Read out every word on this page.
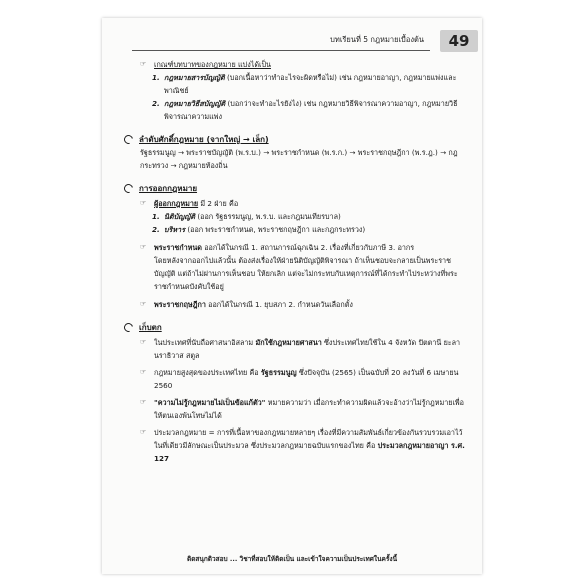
บทเรียนที่ 5 กฎหมายเบื้องต้น	49
☞	เกณฑ์บทบาทของกฎหมาย แบ่งได้เป็น
1. กฎหมายสารบัญญัติ (บอกเนื้อหาว่าทำอะไรจะผิดหรือไม่) เช่น กฎหมายอาญา, กฎหมายแพ่งและพาณิชย์
2. กฎหมายวิธีสบัญญัติ (บอกว่าจะทำอะไรยังไง) เช่น กฎหมายวิธีพิจารณาความอาญา, กฎหมายวิธีพิจารณาความแพ่ง
ลำดับศักดิ์กฎหมาย (จากใหญ่ → เล็ก)
รัฐธรรมนูญ → พระราชบัญญัติ (พ.ร.บ.) → พระราชกำหนด (พ.ร.ก.) → พระราชกฤษฎีกา (พ.ร.ฎ.) → กฎกระทรวง → กฎหมายท้องถิ่น
การออกกฎหมาย
☞	ผู้ออกกฎหมาย มี 2 ฝ่าย คือ
1. นิติบัญญัติ (ออก รัฐธรรมนูญ, พ.ร.บ. และกฎมนเทียรบาล)
2. บริหาร (ออก พระราชกำหนด, พระราชกฤษฎีกา และกฎกระทรวง)
☞	พระราชกำหนด ออกได้ในกรณี 1. สถานการณ์ฉุกเฉิน 2. เรื่องที่เกี่ยวกับภาษี 3. อากร
โดยหลังจากออกไปแล้วนั้น ต้องส่งเรื่องให้ฝ่ายนิติบัญญัติพิจารณา ถ้าเห็นชอบจะกลายเป็นพระราชบัญญัติ แต่ถ้าไม่ผ่านการเห็นชอบ ให้ยกเลิก แต่จะไม่กระทบกับเหตุการณ์ที่ได้กระทำไประหว่างที่พระราชกำหนดบังคับใช้อยู่
☞	พระราชกฤษฎีกา ออกได้ในกรณี 1. ยุบสภา 2. กำหนดวันเลือกตั้ง
เก็บตก
☞	ในประเทศที่นับถือศาสนาอิสลาม มักใช้กฎหมายศาสนา ซึ่งประเทศไทยใช้ใน 4 จังหวัด ปัตตานี ยะลา นราธิวาส สตูล
☞	กฎหมายสูงสุดของประเทศไทย คือ รัฐธรรมนูญ ซึ่งปัจจุบัน (2565) เป็นฉบับที่ 20 ลงวันที่ 6 เมษายน 2560
☞	"ความไม่รู้กฎหมายไม่เป็นข้อแก้ตัว" หมายความว่า เมื่อกระทำความผิดแล้วจะอ้างว่าไม่รู้กฎหมายเพื่อให้ตนเองพ้นโทษไม่ได้
☞	ประมวลกฎหมาย = การที่เนื้อหาของกฎหมายหลายๆ เรื่องที่มีความสัมพันธ์เกี่ยวข้องกันรวบรวมเอาไว้ในที่เดียวมีลักษณะเป็นประมวล ซึ่งประมวลกฎหมายฉบับแรกของไทย คือ ประมวลกฎหมายอาญา ร.ศ. 127
ติดสนุกติวสอบ ... วิชาที่สอบให้ติดเป็น และเข้าใจความเป็นประเทศในครั้งนี้
